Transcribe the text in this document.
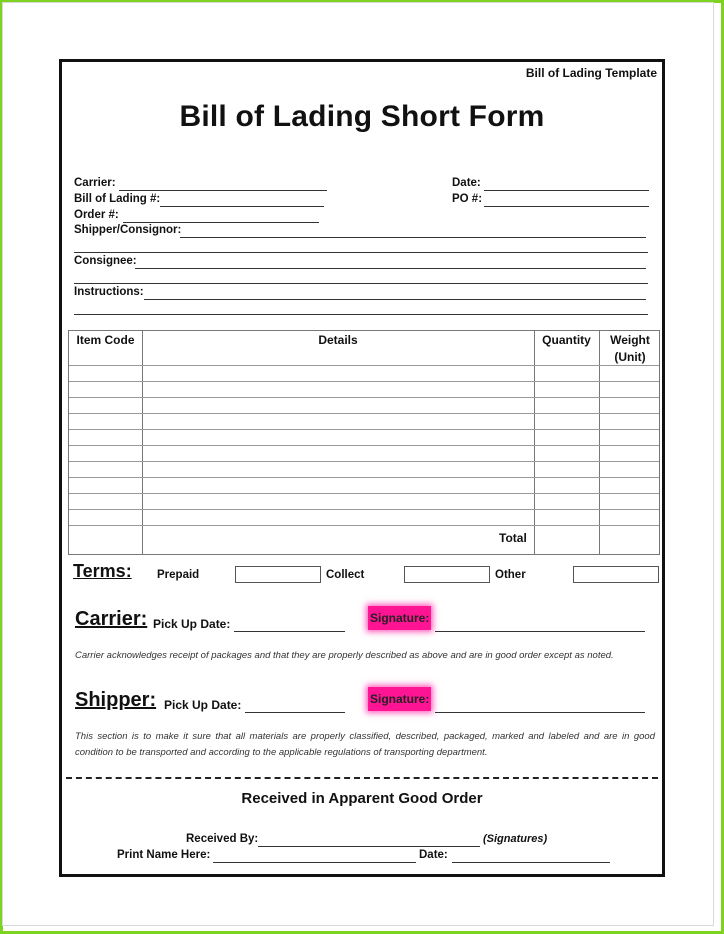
Bill of Lading Template
Bill of Lading Short Form
Carrier:
Bill of Lading #:
Order #:
Shipper/Consignor:
Consignee:
Instructions:
Date:
PO #:
Item Code	Details	Quantity	Weight
(Unit)
Total
Terms: Prepaid	Collect	Other
Carrier: Pick Up Date:	Signature:
Carrier acknowledges receipt of packages and that they are properly described as above and are in good order except as noted.
Shipper: Pick Up Date:	Signature:
This section is to make it sure that all materials are properly classified, described, packaged, marked and labeled and are in good condition to be transported and according to the applicable regulations of transporting department.
Received in Apparent Good Order
Received By:	(Signatures)
Print Name Here:	Date:
